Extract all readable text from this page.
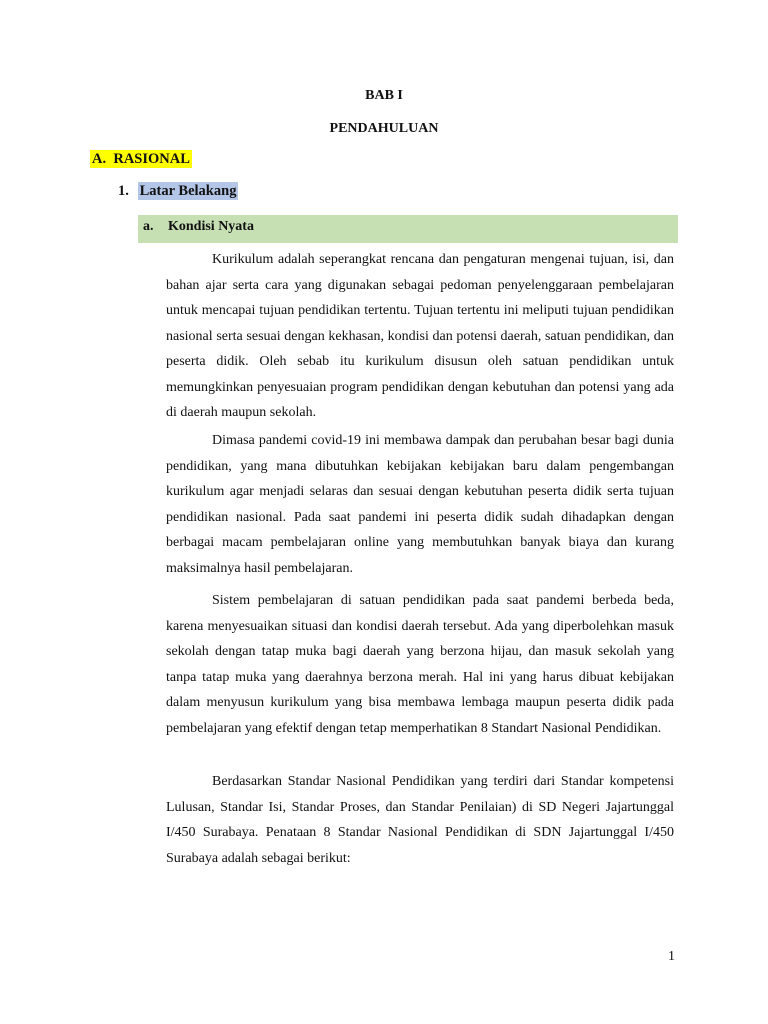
BAB I
PENDAHULUAN
A. RASIONAL
1. Latar Belakang
a. Kondisi Nyata

Kurikulum adalah seperangkat rencana dan pengaturan mengenai tujuan, isi, dan bahan ajar serta cara yang digunakan sebagai pedoman penyelenggaraan pembelajaran untuk mencapai tujuan pendidikan tertentu. Tujuan tertentu ini meliputi tujuan pendidikan nasional serta sesuai dengan kekhasan, kondisi dan potensi daerah, satuan pendidikan, dan peserta didik. Oleh sebab itu kurikulum disusun oleh satuan pendidikan untuk memungkinkan penyesuaian program pendidikan dengan kebutuhan dan potensi yang ada di daerah maupun sekolah.

Dimasa pandemi covid-19 ini membawa dampak dan perubahan besar bagi dunia pendidikan, yang mana dibutuhkan kebijakan kebijakan baru dalam pengembangan kurikulum agar menjadi selaras dan sesuai dengan kebutuhan peserta didik serta tujuan pendidikan nasional. Pada saat pandemi ini peserta didik sudah dihadapkan dengan berbagai macam pembelajaran online yang membutuhkan banyak biaya dan kurang maksimalnya hasil pembelajaran.

Sistem pembelajaran di satuan pendidikan pada saat pandemi berbeda beda, karena menyesuaikan situasi dan kondisi daerah tersebut. Ada yang diperbolehkan masuk sekolah dengan tatap muka bagi daerah yang berzona hijau, dan masuk sekolah yang tanpa tatap muka yang daerahnya berzona merah. Hal ini yang harus dibuat kebijakan dalam menyusun kurikulum yang bisa membawa lembaga maupun peserta didik pada pembelajaran yang efektif dengan tetap memperhatikan 8 Standart Nasional Pendidikan.

Berdasarkan Standar Nasional Pendidikan yang terdiri dari Standar kompetensi Lulusan, Standar Isi, Standar Proses, dan Standar Penilaian) di SD Negeri Jajartunggal I/450 Surabaya. Penataan 8 Standar Nasional Pendidikan di SDN Jajartunggal I/450 Surabaya adalah sebagai berikut:

1
